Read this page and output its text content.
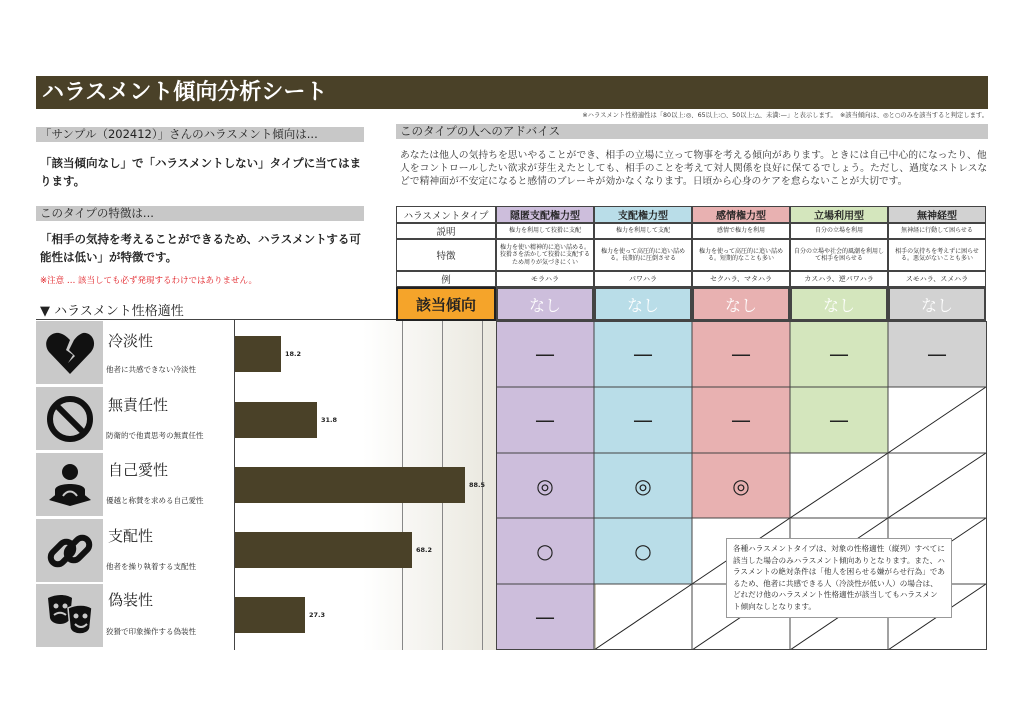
ハラスメント傾向分析シート
※ハラスメント性格適性は「80以上:◎、65以上:○、50以上:△、未満:—」と表示します。　※該当傾向は、◎と○のみを該当すると判定します。
「サンプル（202412）」さんのハラスメント傾向は...
「該当傾向なし」で「ハラスメントしない」タイプに当てはまります。
このタイプの特徴は...
「相手の気持を考えることができるため、ハラスメントする可能性は低い」が特徴です。
※注意 … 該当しても必ず発現するわけではありません。
このタイプの人へのアドバイス
あなたは他人の気持ちを思いやることができ、相手の立場に立って物事を考える傾向があります。ときには自己中心的になったり、他人をコントロールしたい欲求が芽生えたとしても、相手のことを考えて対人関係を良好に保てるでしょう。ただし、過度なストレスなどで精神面が不安定になると感情のブレーキが効かなくなります。日頃から心身のケアを怠らないことが大切です。
▼ ハラスメント性格適性
冷淡性
他者に共感できない冷淡性
18.2
無責任性
防衛的で他責思考の無責任性
31.8
自己愛性
優越と称賛を求める自己愛性
88.5
支配性
他者を操り執着する支配性
68.2
偽装性
狡猾で印象操作する偽装性
27.3
ハラスメントタイプ
説明
特徴
例
該当傾向
隠匿支配権力型
権力を利用して狡猾に支配
権力を使い精神的に追い詰める。狡猾さを活かして狡猾に支配するため周りが気づきにくい
モラハラ
なし
支配権力型
権力を利用して支配
権力を使って高圧的に追い詰める。長期的に圧倒させる
パワハラ
なし
感情権力型
感情で権力を利用
権力を使って高圧的に追い詰める。短期的なことも多い
セクハラ、マタハラ
なし
立場利用型
自分の立場を利用
自分の立場や社会的風潮を利用して相手を困らせる
カスハラ、逆パワハラ
なし
無神経型
無神経に行動して困らせる
相手の気持ちを考えずに困らせる。悪気がないことも多い
スモハラ、スメハラ
なし
—
—
◎
○
—
—
—
◎
○
—
—
◎
—
—
—
各種ハラスメントタイプは、対象の性格適性（縦列）すべてに該当した場合のみハラスメント傾向ありとなります。また、ハラスメントの絶対条件は「他人を困らせる嫌がらせ行為」であるため、他者に共感できる人（冷淡性が低い人）の場合は、どれだけ他のハラスメント性格適性が該当してもハラスメント傾向なしとなります。
